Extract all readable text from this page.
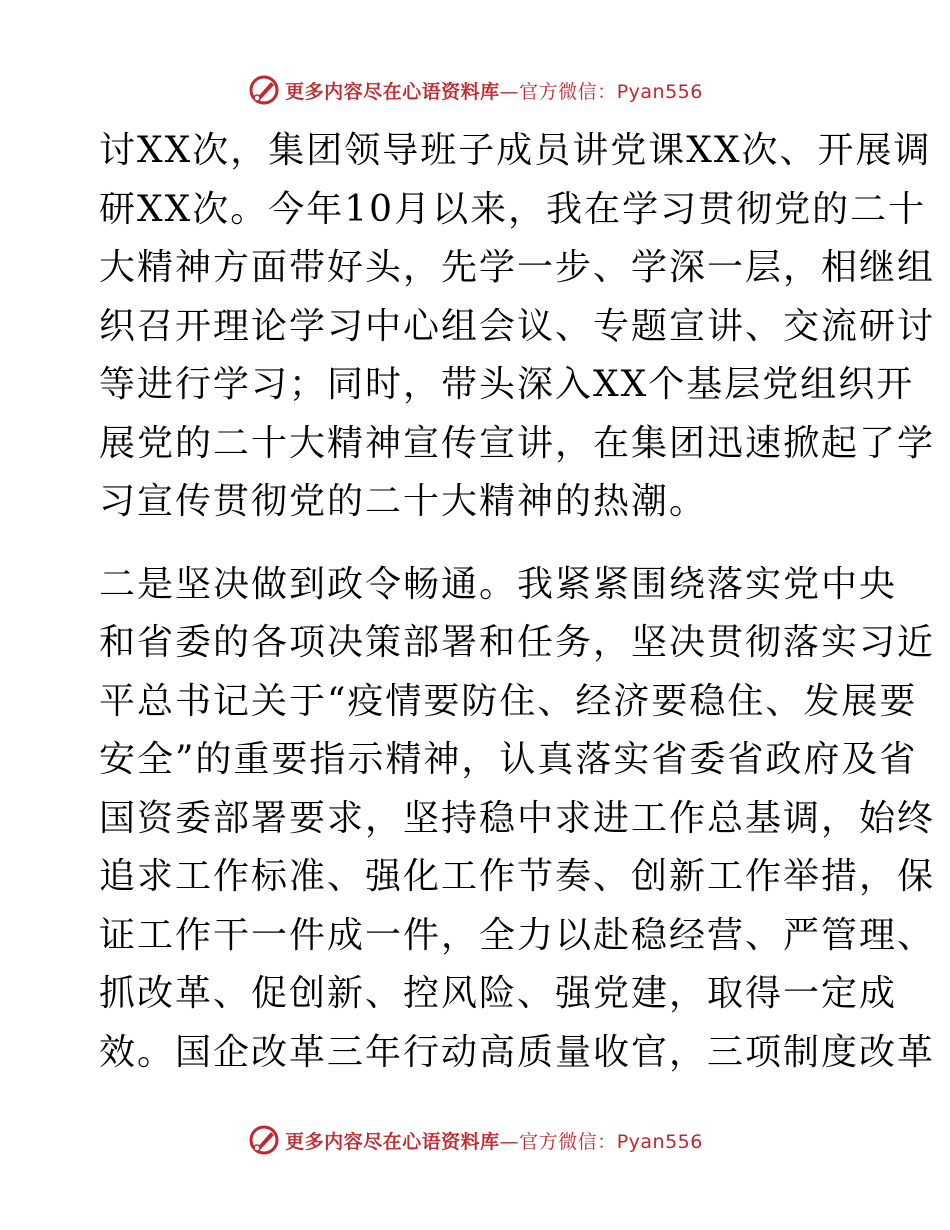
更多内容尽在心语资料库—官方微信：Pyan556
讨XX次，集团领导班子成员讲党课XX次、开展调
研XX次。今年10月以来，我在学习贯彻党的二十
大精神方面带好头，先学一步、学深一层，相继组
织召开理论学习中心组会议、专题宣讲、交流研讨
等进行学习；同时，带头深入XX个基层党组织开
展党的二十大精神宣传宣讲，在集团迅速掀起了学
习宣传贯彻党的二十大精神的热潮。
二是坚决做到政令畅通。我紧紧围绕落实党中央
和省委的各项决策部署和任务，坚决贯彻落实习近
平总书记关于“疫情要防住、经济要稳住、发展要
安全”的重要指示精神，认真落实省委省政府及省
国资委部署要求，坚持稳中求进工作总基调，始终
追求工作标准、强化工作节奏、创新工作举措，保
证工作干一件成一件，全力以赴稳经营、严管理、
抓改革、促创新、控风险、强党建，取得一定成
效。国企改革三年行动高质量收官，三项制度改革
更多内容尽在心语资料库—官方微信：Pyan556
